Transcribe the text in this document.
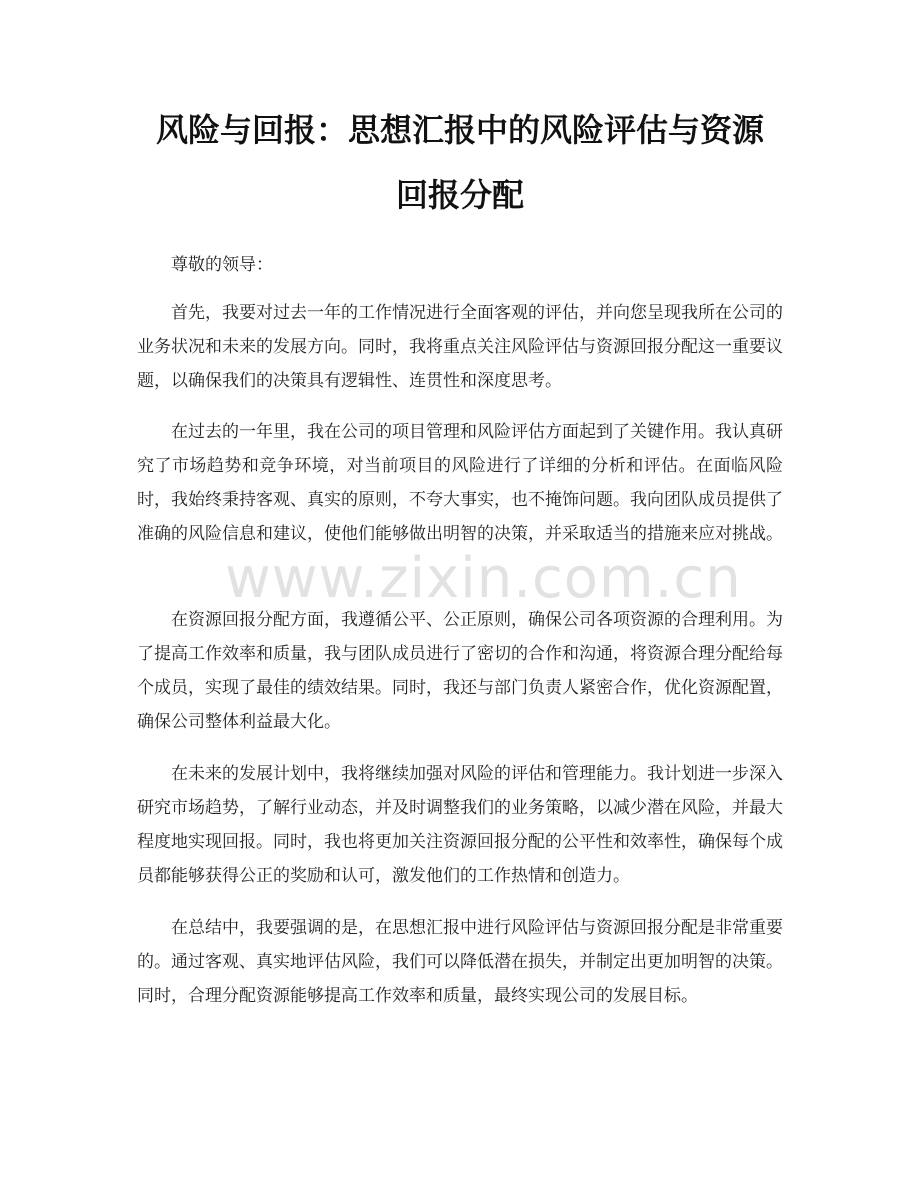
风险与回报：思想汇报中的风险评估与资源
回报分配

尊敬的领导：

首先，我要对过去一年的工作情况进行全面客观的评估，并向您呈现我所在公司的业务状况和未来的发展方向。同时，我将重点关注风险评估与资源回报分配这一重要议题，以确保我们的决策具有逻辑性、连贯性和深度思考。

在过去的一年里，我在公司的项目管理和风险评估方面起到了关键作用。我认真研究了市场趋势和竞争环境，对当前项目的风险进行了详细的分析和评估。在面临风险时，我始终秉持客观、真实的原则，不夸大事实，也不掩饰问题。我向团队成员提供了准确的风险信息和建议，使他们能够做出明智的决策，并采取适当的措施来应对挑战。

在资源回报分配方面，我遵循公平、公正原则，确保公司各项资源的合理利用。为了提高工作效率和质量，我与团队成员进行了密切的合作和沟通，将资源合理分配给每个成员，实现了最佳的绩效结果。同时，我还与部门负责人紧密合作，优化资源配置，确保公司整体利益最大化。

在未来的发展计划中，我将继续加强对风险的评估和管理能力。我计划进一步深入研究市场趋势，了解行业动态，并及时调整我们的业务策略，以减少潜在风险，并最大程度地实现回报。同时，我也将更加关注资源回报分配的公平性和效率性，确保每个成员都能够获得公正的奖励和认可，激发他们的工作热情和创造力。

在总结中，我要强调的是，在思想汇报中进行风险评估与资源回报分配是非常重要的。通过客观、真实地评估风险，我们可以降低潜在损失，并制定出更加明智的决策。同时，合理分配资源能够提高工作效率和质量，最终实现公司的发展目标。

www.zixin.com.cn
